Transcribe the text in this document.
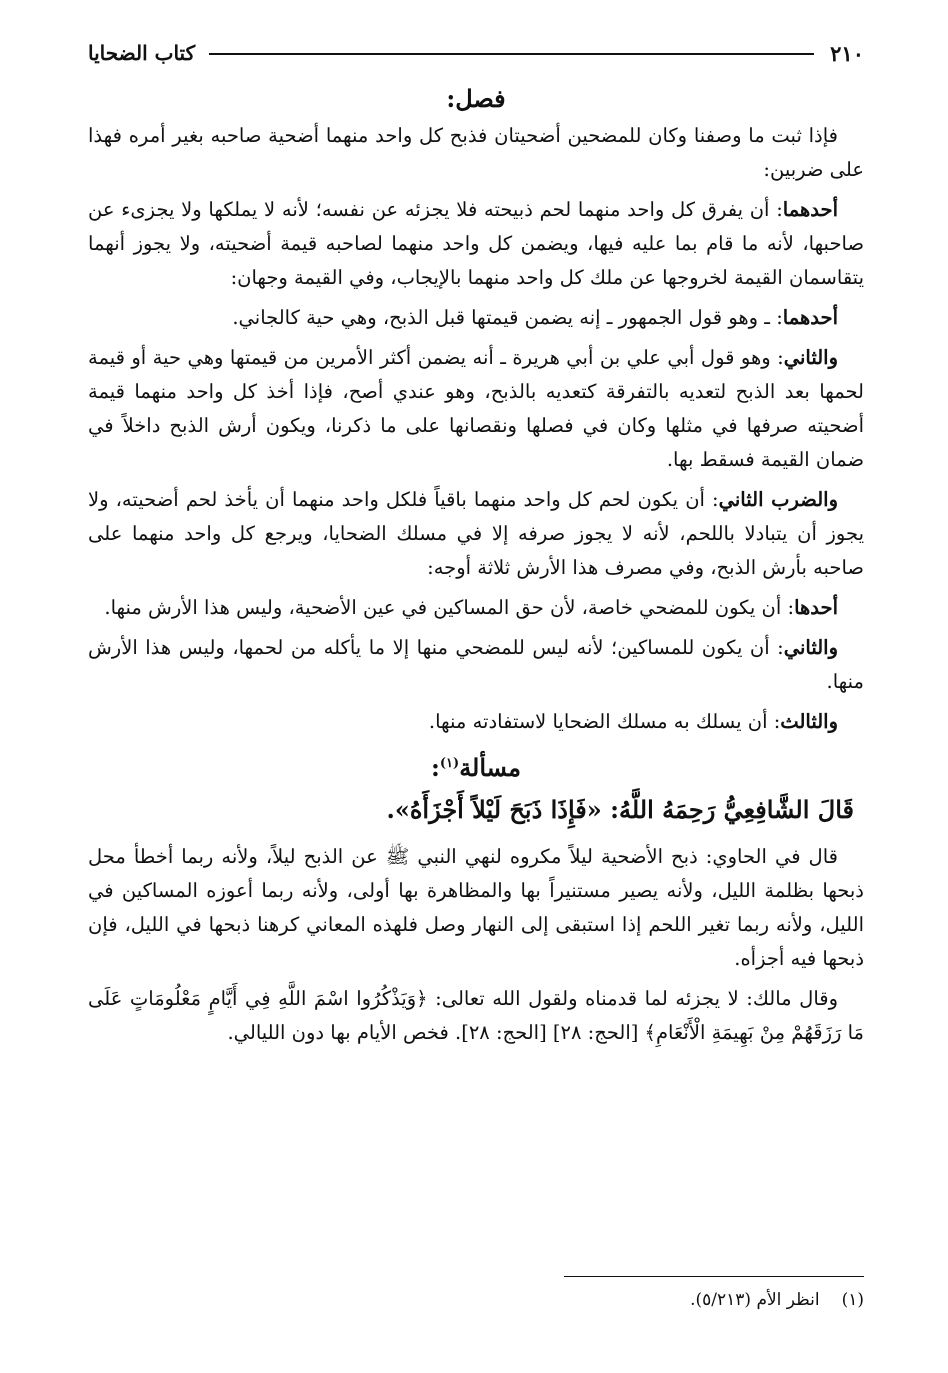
٢١٠
كتاب الضحايا
فصل:

فإذا ثبت ما وصفنا وكان للمضحين أضحيتان فذبح كل واحد منهما أضحية صاحبه بغير أمره فهذا على ضربين:

أحدهما: أن يفرق كل واحد منهما لحم ذبيحته فلا يجزئه عن نفسه؛ لأنه لا يملكها ولا يجزىء عن صاحبها، لأنه ما قام بما عليه فيها، ويضمن كل واحد منهما لصاحبه قيمة أضحيته، ولا يجوز أنهما يتقاسمان القيمة لخروجها عن ملك كل واحد منهما بالإيجاب، وفي القيمة وجهان:

أحدهما: ـ وهو قول الجمهور ـ إنه يضمن قيمتها قبل الذبح، وهي حية كالجاني.

والثاني: وهو قول أبي علي بن أبي هريرة ـ أنه يضمن أكثر الأمرين من قيمتها وهي حية أو قيمة لحمها بعد الذبح لتعديه بالتفرقة كتعديه بالذبح، وهو عندي أصح، فإذا أخذ كل واحد منهما قيمة أضحيته صرفها في مثلها وكان في فصلها ونقصانها على ما ذكرنا، ويكون أرش الذبح داخلاً في ضمان القيمة فسقط بها.

والضرب الثاني: أن يكون لحم كل واحد منهما باقياً فلكل واحد منهما أن يأخذ لحم أضحيته، ولا يجوز أن يتبادلا باللحم، لأنه لا يجوز صرفه إلا في مسلك الضحايا، ويرجع كل واحد منهما على صاحبه بأرش الذبح، وفي مصرف هذا الأرش ثلاثة أوجه:

أحدها: أن يكون للمضحي خاصة، لأن حق المساكين في عين الأضحية، وليس هذا الأرش منها.

والثاني: أن يكون للمساكين؛ لأنه ليس للمضحي منها إلا ما يأكله من لحمها، وليس هذا الأرش منها.

والثالث: أن يسلك به مسلك الضحايا لاستفادته منها.

مسألة$^{(١)}$:
قَالَ الشَّافِعِيُّ رَحِمَهُ اللَّهُ: «فَإِذَا ذَبَحَ لَيْلاً أَجْزَأَهُ».

قال في الحاوي: ذبح الأضحية ليلاً مكروه لنهي النبي ﷺ عن الذبح ليلاً، ولأنه ربما أخطأ محل ذبحها بظلمة الليل، ولأنه يصير مستنيراً بها والمظاهرة بها أولى، ولأنه ربما أعوزه المساكين في الليل، ولأنه ربما تغير اللحم إذا استبقى إلى النهار وصل فلهذه المعاني كرهنا ذبحها في الليل، فإن ذبحها فيه أجزأه.

وقال مالك: لا يجزئه لما قدمناه ولقول الله تعالى: ﴿وَيَذْكُرُوا اسْمَ اللَّهِ فِي أَيَّامٍ مَعْلُومَاتٍ عَلَى مَا رَزَقَهُمْ مِنْ بَهِيمَةِ الْأَنْعَامِ﴾ [الحج: ٢٨] [الحج: ٢٨]. فخص الأيام بها دون الليالي.

(١)
انظر الأم (٥/٢١٣).
